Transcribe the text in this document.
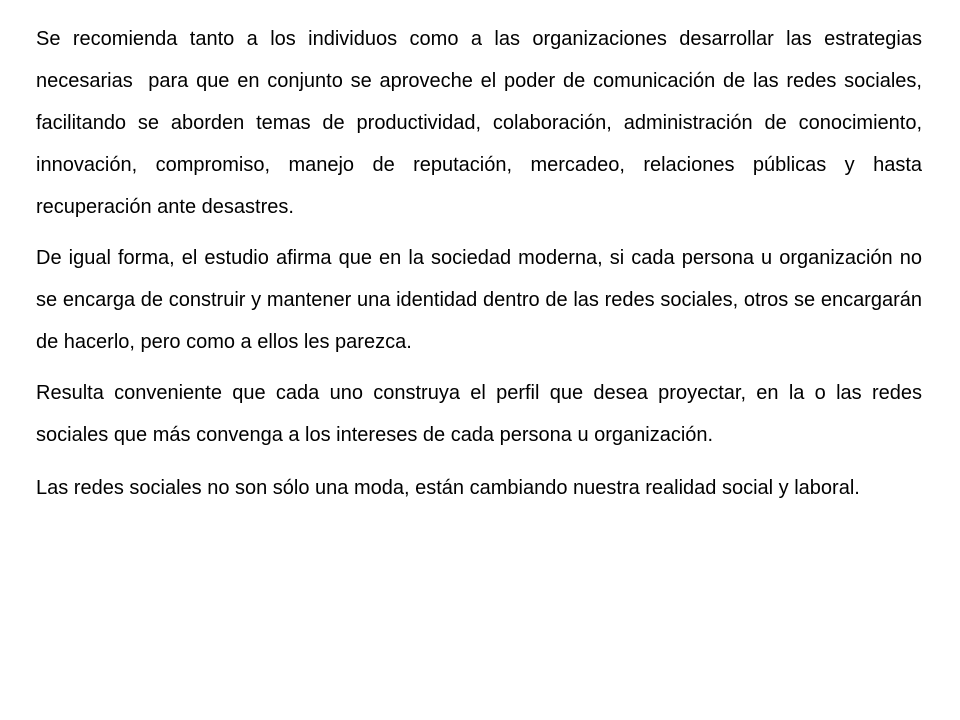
Se recomienda tanto a los individuos como a las organizaciones desarrollar las estrategias necesarias  para que en conjunto se aproveche el poder de comunicación de las redes sociales, facilitando se aborden temas de productividad, colaboración, administración de conocimiento, innovación, compromiso, manejo de reputación, mercadeo, relaciones públicas y hasta recuperación ante desastres.

De igual forma, el estudio afirma que en la sociedad moderna, si cada persona u organización no se encarga de construir y mantener una identidad dentro de las redes sociales, otros se encargarán de hacerlo, pero como a ellos les parezca.

Resulta conveniente que cada uno construya el perfil que desea proyectar, en la o las redes sociales que más convenga a los intereses de cada persona u organización.

Las redes sociales no son sólo una moda, están cambiando nuestra realidad social y laboral.
